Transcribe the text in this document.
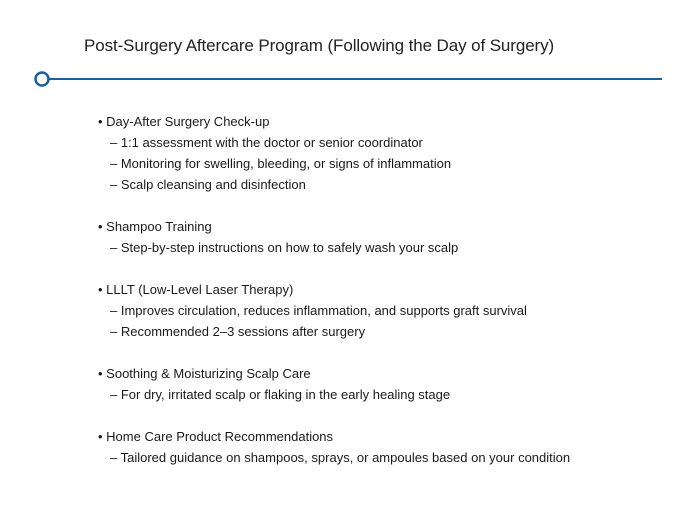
Post-Surgery Aftercare Program (Following the Day of Surgery)
• Day-After Surgery Check-up
– 1:1 assessment with the doctor or senior coordinator
– Monitoring for swelling, bleeding, or signs of inflammation
– Scalp cleansing and disinfection
• Shampoo Training
– Step-by-step instructions on how to safely wash your scalp
• LLLT (Low-Level Laser Therapy)
– Improves circulation, reduces inflammation, and supports graft survival
– Recommended 2–3 sessions after surgery
• Soothing & Moisturizing Scalp Care
– For dry, irritated scalp or flaking in the early healing stage
• Home Care Product Recommendations
– Tailored guidance on shampoos, sprays, or ampoules based on your condition
